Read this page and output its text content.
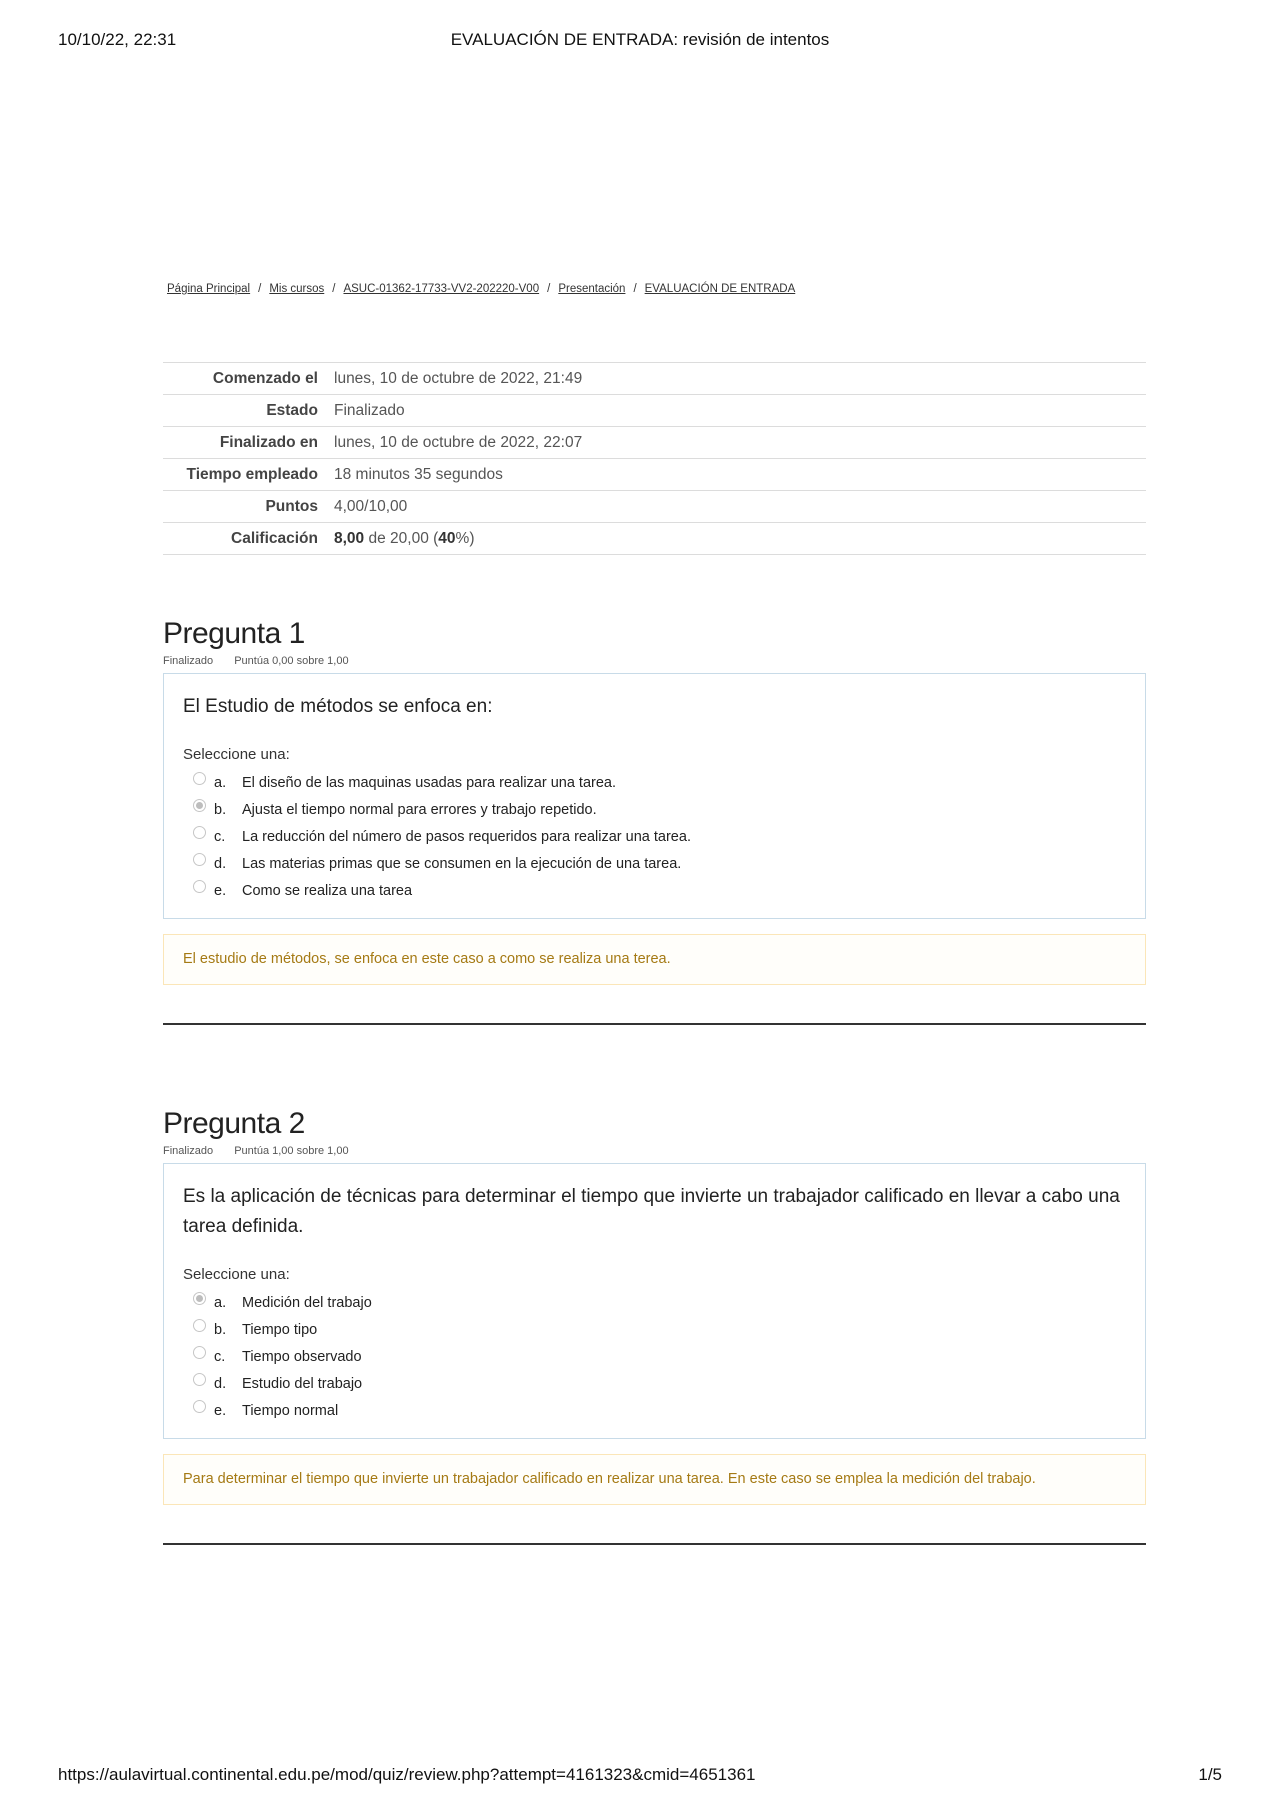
10/10/22, 22:31	EVALUACIÓN DE ENTRADA: revisión de intentos
Página Principal / Mis cursos / ASUC-01362-17733-VV2-202220-V00 / Presentación / EVALUACIÓN DE ENTRADA
Comenzado el	lunes, 10 de octubre de 2022, 21:49
Estado	Finalizado
Finalizado en	lunes, 10 de octubre de 2022, 22:07
Tiempo empleado	18 minutos 35 segundos
Puntos	4,00/10,00
Calificación	8,00 de 20,00 (40%)
Pregunta 1
Finalizado Puntúa 0,00 sobre 1,00
El Estudio de métodos se enfoca en:
Seleccione una:
a.	El diseño de las maquinas usadas para realizar una tarea.
b.	Ajusta el tiempo normal para errores y trabajo repetido.
c.	La reducción del número de pasos requeridos para realizar una tarea.
d.	Las materias primas que se consumen en la ejecución de una tarea.
e.	Como se realiza una tarea
El estudio de métodos, se enfoca en este caso a como se realiza una terea.
Pregunta 2
Finalizado Puntúa 1,00 sobre 1,00
Es la aplicación de técnicas para determinar el tiempo que invierte un trabajador calificado en llevar a cabo una tarea definida.
Seleccione una:
a.	Medición del trabajo
b.	Tiempo tipo
c.	Tiempo observado
d.	Estudio del trabajo
e.	Tiempo normal
Para determinar el tiempo que invierte un trabajador calificado en realizar una tarea. En este caso se emplea la medición del trabajo.
https://aulavirtual.continental.edu.pe/mod/quiz/review.php?attempt=4161323&cmid=4651361	1/5
